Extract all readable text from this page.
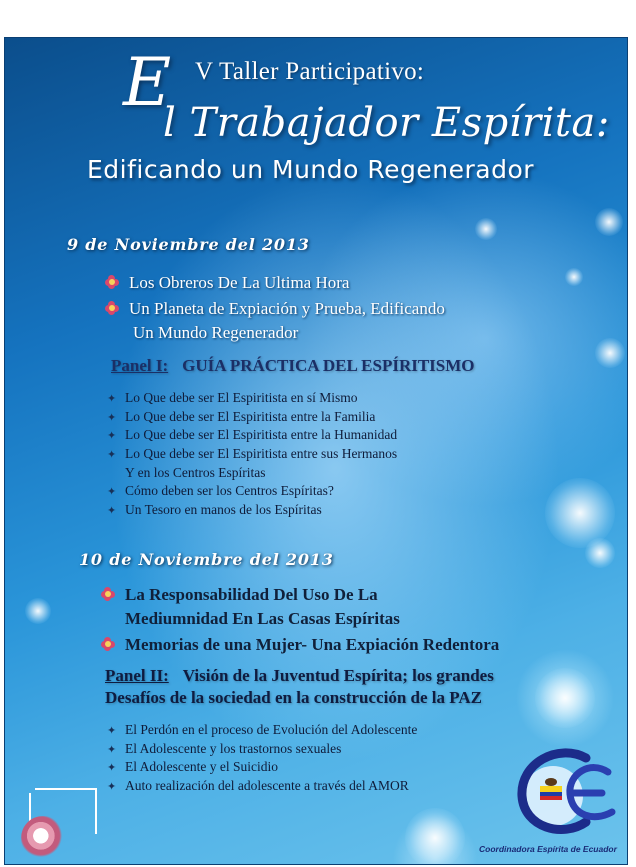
E V Taller Participativo:
l Trabajador Espírita:
Edificando un Mundo Regenerador
9 de Noviembre del 2013
Los Obreros De La Ultima Hora
Un Planeta de Expiación y Prueba, Edificando
Un Mundo Regenerador
Panel I: GUÍA PRÁCTICA DEL ESPÍRITISMO
✦ Lo Que debe ser El Espiritista en sí Mismo
✦ Lo Que debe ser El Espiritista entre la Familia
✦ Lo Que debe ser El Espiritista entre la Humanidad
✦ Lo Que debe ser El Espiritista entre sus Hermanos
Y en los Centros Espíritas
✦ Cómo deben ser los Centros Espíritas?
✦ Un Tesoro en manos de los Espíritas
10 de Noviembre del 2013
La Responsabilidad Del Uso De La
Mediumnidad En Las Casas Espíritas
Memorias de una Mujer- Una Expiación Redentora
Panel II: Visión de la Juventud Espírita; los grandes
Desafíos de la sociedad en la construcción de la PAZ
✦ El Perdón en el proceso de Evolución del Adolescente
✦ El Adolescente y los trastornos sexuales
✦ El Adolescente y el Suicidio
✦ Auto realización del adolescente a través del AMOR
Coordinadora Espírita de Ecuador
